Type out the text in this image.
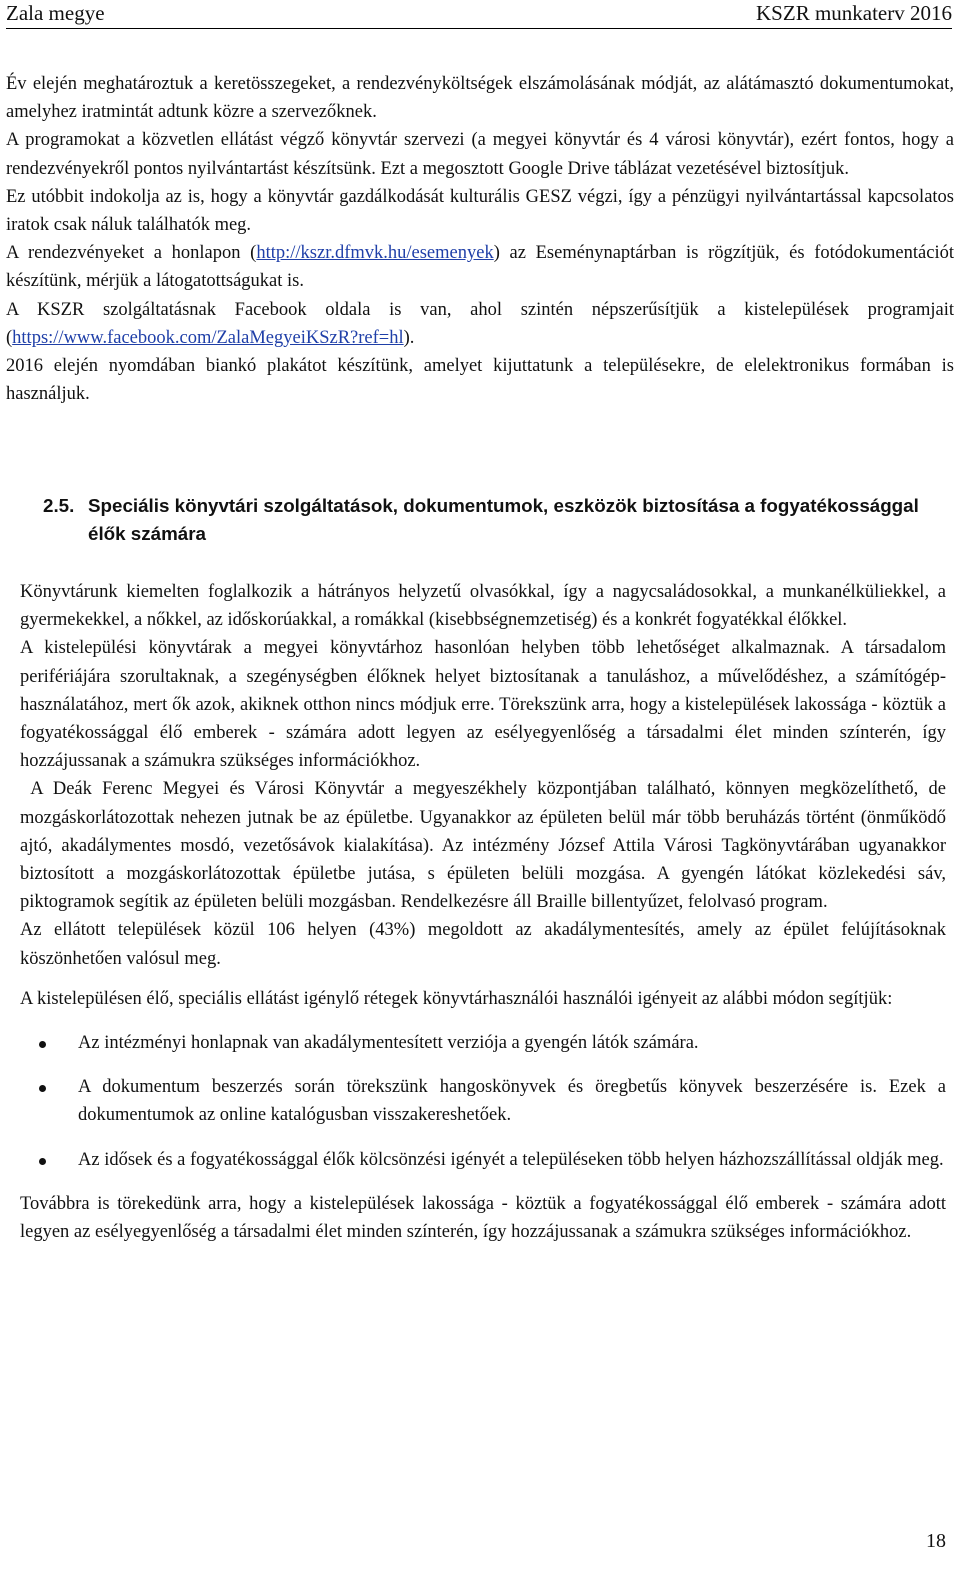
Zala megye	KSZR munkaterv 2016

Év elején meghatároztuk a keretösszegeket, a rendezvényköltségek elszámolásának módját, az alátámasztó dokumentumokat, amelyhez iratmintát adtunk közre a szervezőknek.

A programokat a közvetlen ellátást végző könyvtár szervezi (a megyei könyvtár és 4 városi könyvtár), ezért fontos, hogy a rendezvényekről pontos nyilvántartást készítsünk. Ezt a megosztott Google Drive táblázat vezetésével biztosítjuk.

Ez utóbbit indokolja az is, hogy a könyvtár gazdálkodását kulturális GESZ végzi, így a pénzügyi nyilvántartással kapcsolatos iratok csak náluk találhatók meg.

A rendezvényeket a honlapon (http://kszr.dfmvk.hu/esemenyek) az Eseménynaptárban is rögzítjük, és fotódokumentációt készítünk, mérjük a látogatottságukat is.

A KSZR szolgáltatásnak Facebook oldala is van, ahol szintén népszerűsítjük a kistelepülések programjait (https://www.facebook.com/ZalaMegyeiKSzR?ref=hl).

2016 elején nyomdában biankó plakátot készítünk, amelyet kijuttatunk a településekre, de elelektronikus formában is használjuk.

2.5. Speciális könyvtári szolgáltatások, dokumentumok, eszközök biztosítása a fogyatékossággal élők számára

Könyvtárunk kiemelten foglalkozik a hátrányos helyzetű olvasókkal, így a nagycsaládosokkal, a munkanélküliekkel, a gyermekekkel, a nőkkel, az időskorúakkal, a romákkal (kisebbségnemzetiség) és a konkrét fogyatékkal élőkkel.

A kistelepülési könyvtárak a megyei könyvtárhoz hasonlóan helyben több lehetőséget alkalmaznak. A társadalom perifériájára szorultaknak, a szegénységben élőknek helyet biztosítanak a tanuláshoz, a művelődéshez, a számítógép-használatához, mert ők azok, akiknek otthon nincs módjuk erre. Törekszünk arra, hogy a kistelepülések lakossága - köztük a fogyatékossággal élő emberek - számára adott legyen az esélyegyenlőség a társadalmi élet minden színterén, így hozzájussanak a számukra szükséges információkhoz.

A Deák Ferenc Megyei és Városi Könyvtár a megyeszékhely központjában található, könnyen megközelíthető, de mozgáskorlátozottak nehezen jutnak be az épületbe. Ugyanakkor az épületen belül már több beruházás történt (önműködő ajtó, akadálymentes mosdó, vezetősávok kialakítása). Az intézmény József Attila Városi Tagkönyvtárában ugyanakkor biztosított a mozgáskorlátozottak épületbe jutása, s épületen belüli mozgása. A gyengén látókat közlekedési sáv, piktogramok segítik az épületen belüli mozgásban. Rendelkezésre áll Braille billentyűzet, felolvasó program.

Az ellátott települések közül 106 helyen (43%) megoldott az akadálymentesítés, amely az épület felújításoknak köszönhetően valósul meg.

A kistelepülésen élő, speciális ellátást igénylő rétegek könyvtárhasználói használói igényeit az alábbi módon segítjük:

Az intézményi honlapnak van akadálymentesített verziója a gyengén látók számára.
A dokumentum beszerzés során törekszünk hangoskönyvek és öregbetűs könyvek beszerzésére is. Ezek a dokumentumok az online katalógusban visszakereshetőek.
Az idősek és a fogyatékossággal élők kölcsönzési igényét a településeken több helyen házhozszállítással oldják meg.

Továbbra is törekedünk arra, hogy a kistelepülések lakossága - köztük a fogyatékossággal élő emberek - számára adott legyen az esélyegyenlőség a társadalmi élet minden színterén, így hozzájussanak a számukra szükséges információkhoz.

18
